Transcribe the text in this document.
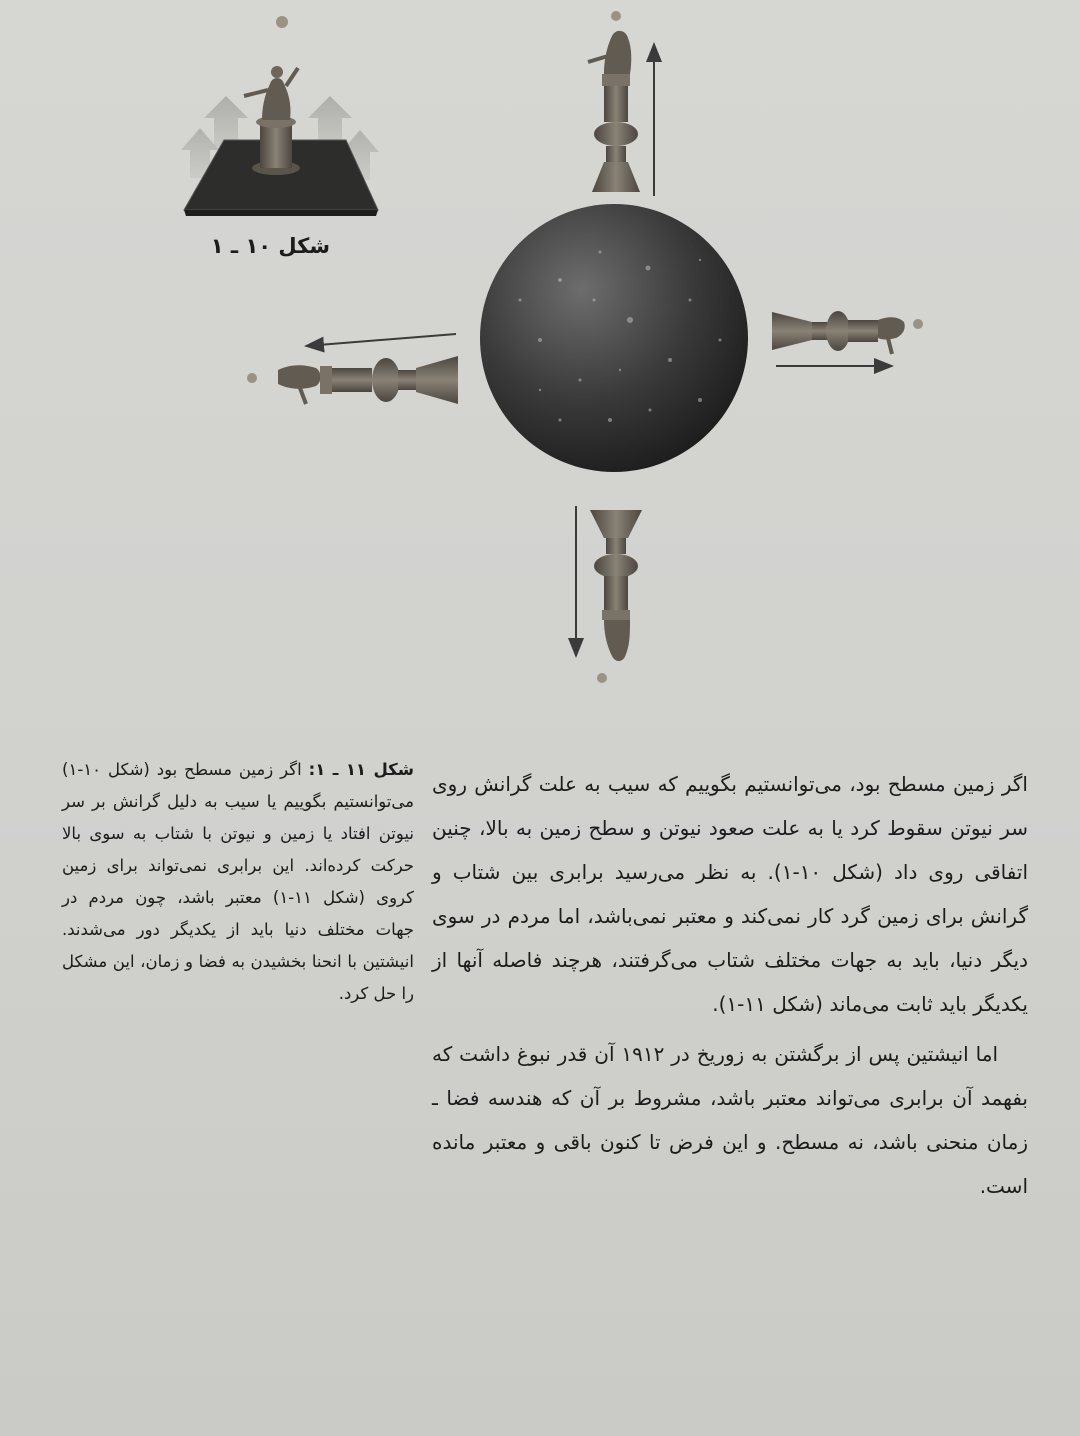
شکل ۱۰ ـ ۱

اگر زمین مسطح بود، می‌توانستیم بگوییم که سیب به علت گرانش روی سر نیوتن سقوط کرد یا به علت صعود نیوتن و سطح زمین به بالا، چنین اتفاقی روی داد (شکل ۱۰-۱). به نظر می‌رسید برابری بین شتاب و گرانش برای زمین گرد کار نمی‌کند و معتبر نمی‌باشد، اما مردم در سوی دیگر دنیا، باید به جهات مختلف شتاب می‌گرفتند، هرچند فاصله آنها از یکدیگر باید ثابت می‌ماند (شکل ۱۱-۱).

اما انیشتین پس از برگشتن به زوریخ در ۱۹۱۲ آن قدر نبوغ داشت که بفهمد آن برابری می‌تواند معتبر باشد، مشروط بر آن که هندسه فضا ـ زمان منحنی باشد، نه مسطح. و این فرض تا کنون باقی و معتبر مانده است.

شکل ۱۱ ـ ۱: اگر زمین مسطح بود (شکل ۱۰-۱) می‌توانستیم بگوییم یا سیب به دلیل گرانش بر سر نیوتن افتاد یا زمین و نیوتن با شتاب به سوی بالا حرکت کرده‌اند. این برابری نمی‌تواند برای زمین کروی (شکل ۱۱-۱) معتبر باشد، چون مردم در جهات مختلف دنیا باید از یکدیگر دور می‌شدند. انیشتین با انحنا بخشیدن به فضا و زمان، این مشکل را حل کرد.
